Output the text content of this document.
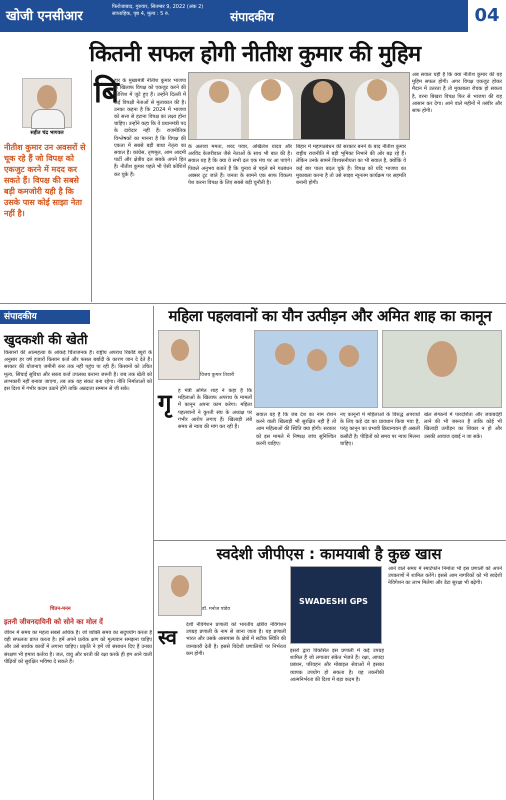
खोजी एनसीआर
फिरोजाबाद, गुरुवार, सितम्बर 9, 2022 (अंक 2)
साप्ताहिक, पृष्ठ 4, मूल्य : 5 रु.	संपादकीय	04
कितनी सफल होगी नीतीश कुमार की मुहिम
सहीत चंद्र भागवल
नीतीश कुमार उन अवसरों से चूक रहे हैं जो विपक्ष को एकजुट करने में मदद कर सकते हैं। विपक्ष की सबसे बड़ी कमजोरी यही है कि उसके पास कोई साझा नेता नहीं है।
बि
हार के मुख्यमंत्री नीतीश कुमार भाजपा के खिलाफ विपक्ष को एकजुट करने की कोशिश में जुटे हुए हैं। उन्होंने दिल्ली में कई विपक्षी नेताओं से मुलाकात की है। उनका कहना है कि 2024 में भाजपा को सत्ता से हटाना विपक्ष का लक्ष्य होना चाहिए। उन्होंने कहा कि वे प्रधानमंत्री पद के दावेदार नहीं हैं। राजनीतिक विश्लेषकों का मानना है कि विपक्ष की एकता में सबसे बड़ी बाधा नेतृत्व का सवाल है। कांग्रेस, तृणमूल, आम आदमी पार्टी और क्षेत्रीय दल सबके अपने हित हैं। नीतीश कुमार पहले भी ऐसी कोशिशें कर चुके हैं।
के अलावा ममता, शरद पवार, अखिलेश यादव और अरविंद केजरीवाल जैसे नेताओं के साथ भी बात की है। सवाल यह है कि क्या ये सभी दल एक मंच पर आ पाएंगे। पिछले अनुभव बताते हैं कि चुनाव से पहले बने गठबंधन अक्सर टूट जाते हैं। जनता के सामने एक साफ विकल्प पेश करना विपक्ष के लिए सबसे बड़ी चुनौती है।
बिहार में महागठबंधन की सरकार बनने के बाद नीतीश कुमार राष्ट्रीय राजनीति में बड़ी भूमिका निभाने की ओर बढ़ रहे हैं। लेकिन उनके सामने विश्वसनीयता का भी सवाल है, क्योंकि वे कई बार पाला बदल चुके हैं। विपक्ष को यदि भाजपा का मुकाबला करना है तो उसे साझा न्यूनतम कार्यक्रम पर सहमति बनानी होगी।
अब सवाल यही है कि क्या नीतीश कुमार की यह मुहिम सफल होगी। अगर विपक्ष एकजुट होकर मैदान में उतरता है तो मुकाबला रोचक हो सकता है, वरना बिखरा विपक्ष फिर से भाजपा की राह आसान कर देगा। आने वाले महीनों में तस्वीर और साफ होगी।
संपादकीय
खुदकशी की खेती
किसानों की आत्महत्या के आंकड़े चिंताजनक हैं। राष्ट्रीय अपराध रिकॉर्ड ब्यूरो के अनुसार हर वर्ष हजारों किसान कर्ज और फसल बर्बादी के कारण जान दे देते हैं। सरकार की योजनाएं जमीनी स्तर तक नहीं पहुंच पा रही हैं। किसानों को उचित मूल्य, सिंचाई सुविधा और सस्ता कर्ज उपलब्ध कराना जरूरी है। जब तक खेती को लाभकारी नहीं बनाया जाएगा, तब तक यह संकट बना रहेगा। नीति निर्माताओं को इस दिशा में गंभीर कदम उठाने होंगे ताकि अन्नदाता सम्मान से जी सके।
महिला पहलवानों का यौन उत्पीड़न और अमित शाह का कानून
विजय कुमार तिवारी
गृ ह मंत्री अमित शाह ने कहा है कि महिलाओं के खिलाफ अपराध के मामलों में कानून अपना काम करेगा। महिला पहलवानों ने कुश्ती संघ के अध्यक्ष पर गंभीर आरोप लगाए हैं। खिलाड़ी लंबे समय से न्याय की मांग कर रही हैं।
सवाल यह है कि जब देश का नाम रोशन करने वाली खिलाड़ी भी सुरक्षित नहीं हैं तो आम महिलाओं की स्थिति क्या होगी। सरकार को इस मामले में निष्पक्ष जांच सुनिश्चित करनी चाहिए।
नए कानूनों में महिलाओं के विरुद्ध अपराधों के लिए कड़े दंड का प्रावधान किया गया है, परंतु कानून का प्रभावी क्रियान्वयन ही असली कसौटी है। पीड़ितों को समय पर न्याय मिलना चाहिए।
खेल संगठनों में पारदर्शिता और जवाबदेही लाने की भी जरूरत है ताकि कोई भी खिलाड़ी उत्पीड़न का शिकार न हो और उसकी आवाज दबाई न जा सके।
स्वदेशी जीपीएस : कामयाबी है कुछ खास
डॉ. मनोज पांडेय
SWADESHI GPS
स्व देशी नेविगेशन प्रणाली को भारतीय क्षेत्रीय नेविगेशन उपग्रह प्रणाली के नाम से जाना जाता है। यह प्रणाली भारत और उसके आसपास के क्षेत्रों में सटीक स्थिति की जानकारी देती है। इससे विदेशी प्रणालियों पर निर्भरता कम होगी।	इसरो द्वारा विकसित इस प्रणाली में कई उपग्रह शामिल हैं जो लगातार संकेत भेजते हैं। रक्षा, आपदा प्रबंधन, परिवहन और मोबाइल सेवाओं में इसका व्यापक उपयोग हो सकता है। यह तकनीकी आत्मनिर्भरता की दिशा में बड़ा कदम है।
आने वाले समय में स्मार्टफोन निर्माता भी इस प्रणाली को अपने उपकरणों में शामिल करेंगे। इससे आम नागरिकों को भी स्वदेशी नेविगेशन का लाभ मिलेगा और डेटा सुरक्षा भी बढ़ेगी।
चिंतन-मनन
इतनी जीवनदायिनी को सोने का मोल दें
जीवन में समय का महत्व सबसे अधिक है। जो व्यक्ति समय का सदुपयोग करता है वही सफलता प्राप्त करता है। हमें अपने प्रत्येक क्षण को मूल्यवान समझना चाहिए और उसे सार्थक कार्यों में लगाना चाहिए। प्रकृति ने हमें जो संसाधन दिए हैं उनका संरक्षण भी हमारा कर्तव्य है। जल, वायु और धरती की रक्षा करके ही हम आने वाली पीढ़ियों को सुरक्षित भविष्य दे सकते हैं।
